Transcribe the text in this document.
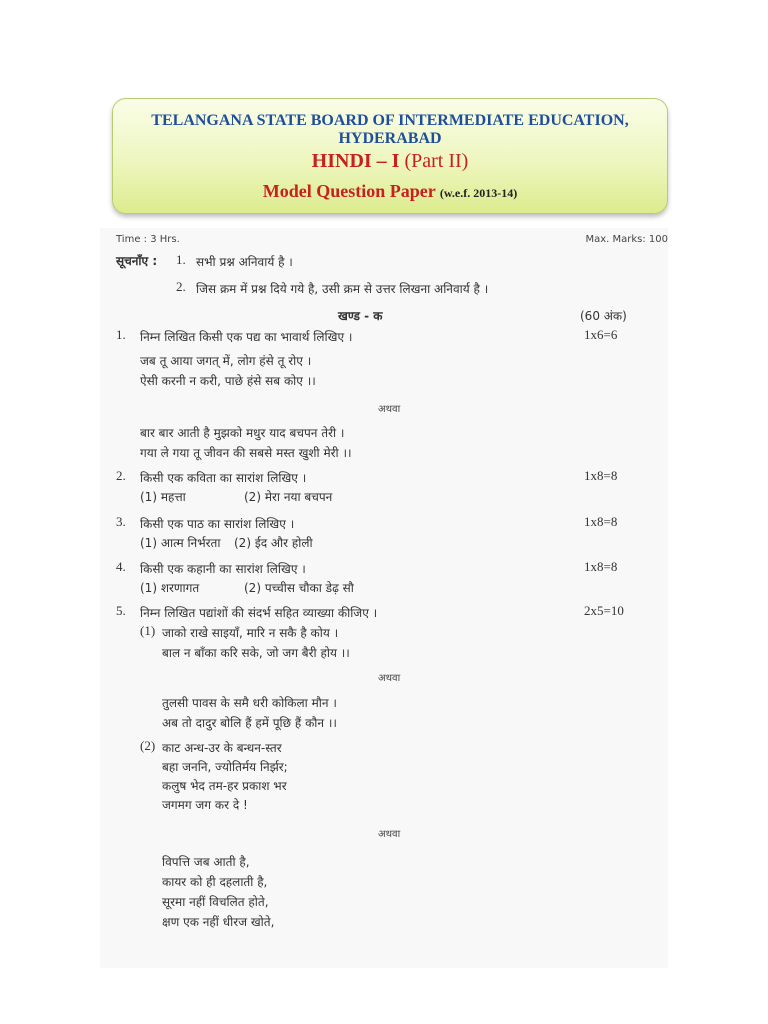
TELANGANA STATE BOARD OF INTERMEDIATE EDUCATION,
HYDERABAD
HINDI – I (Part II)
Model Question Paper (w.e.f. 2013-14)
Time : 3 Hrs.	Max. Marks: 100
सूचनाँए : 1. सभी प्रश्न अनिवार्य है ।
2. जिस क्रम में प्रश्न दिये गये है, उसी क्रम से उत्तर लिखना अनिवार्य है ।
खण्ड - क	(60 अंक)
1. निम्न लिखित किसी एक पद्य का भावार्थ लिखिए ।	1x6=6
जब तू आया जगत् में, लोग हंसे तू रोए ।
ऐसी करनी न करी, पाछे हंसे सब कोए ।।
अथवा
बार बार आती है मुझको मधुर याद बचपन तेरी ।
गया ले गया तू जीवन की सबसे मस्त खुशी मेरी ।।
2. किसी एक कविता का सारांश लिखिए ।	1x8=8
(1) महत्ता	(2) मेरा नया बचपन
3. किसी एक पाठ का सारांश लिखिए ।	1x8=8
(1) आत्म निर्भरता (2) ईद और होली
4. किसी एक कहानी का सारांश लिखिए ।	1x8=8
(1) शरणागत	(2) पच्चीस चौका डेढ़ सौ
5. निम्न लिखित पद्यांशों की संदर्भ सहित व्याख्या कीजिए ।	2x5=10
(1) जाको राखे साइयाँ, मारि न सकै है कोय ।
बाल न बाँका करि सके, जो जग बैरी होय ।।
अथवा
तुलसी पावस के समै धरी कोकिला मौन ।
अब तो दादुर बोलि हैं हमें पूछि हैं कौन ।।
(2) काट अन्ध-उर के बन्धन-स्तर
बहा जननि, ज्योतिर्मय निर्झर;
कलुष भेद तम-हर प्रकाश भर
जगमग जग कर दे !
अथवा
विपत्ति जब आती है,
कायर को ही दहलाती है,
सूरमा नहीं विचलित होते,
क्षण एक नहीं धीरज खोते,
